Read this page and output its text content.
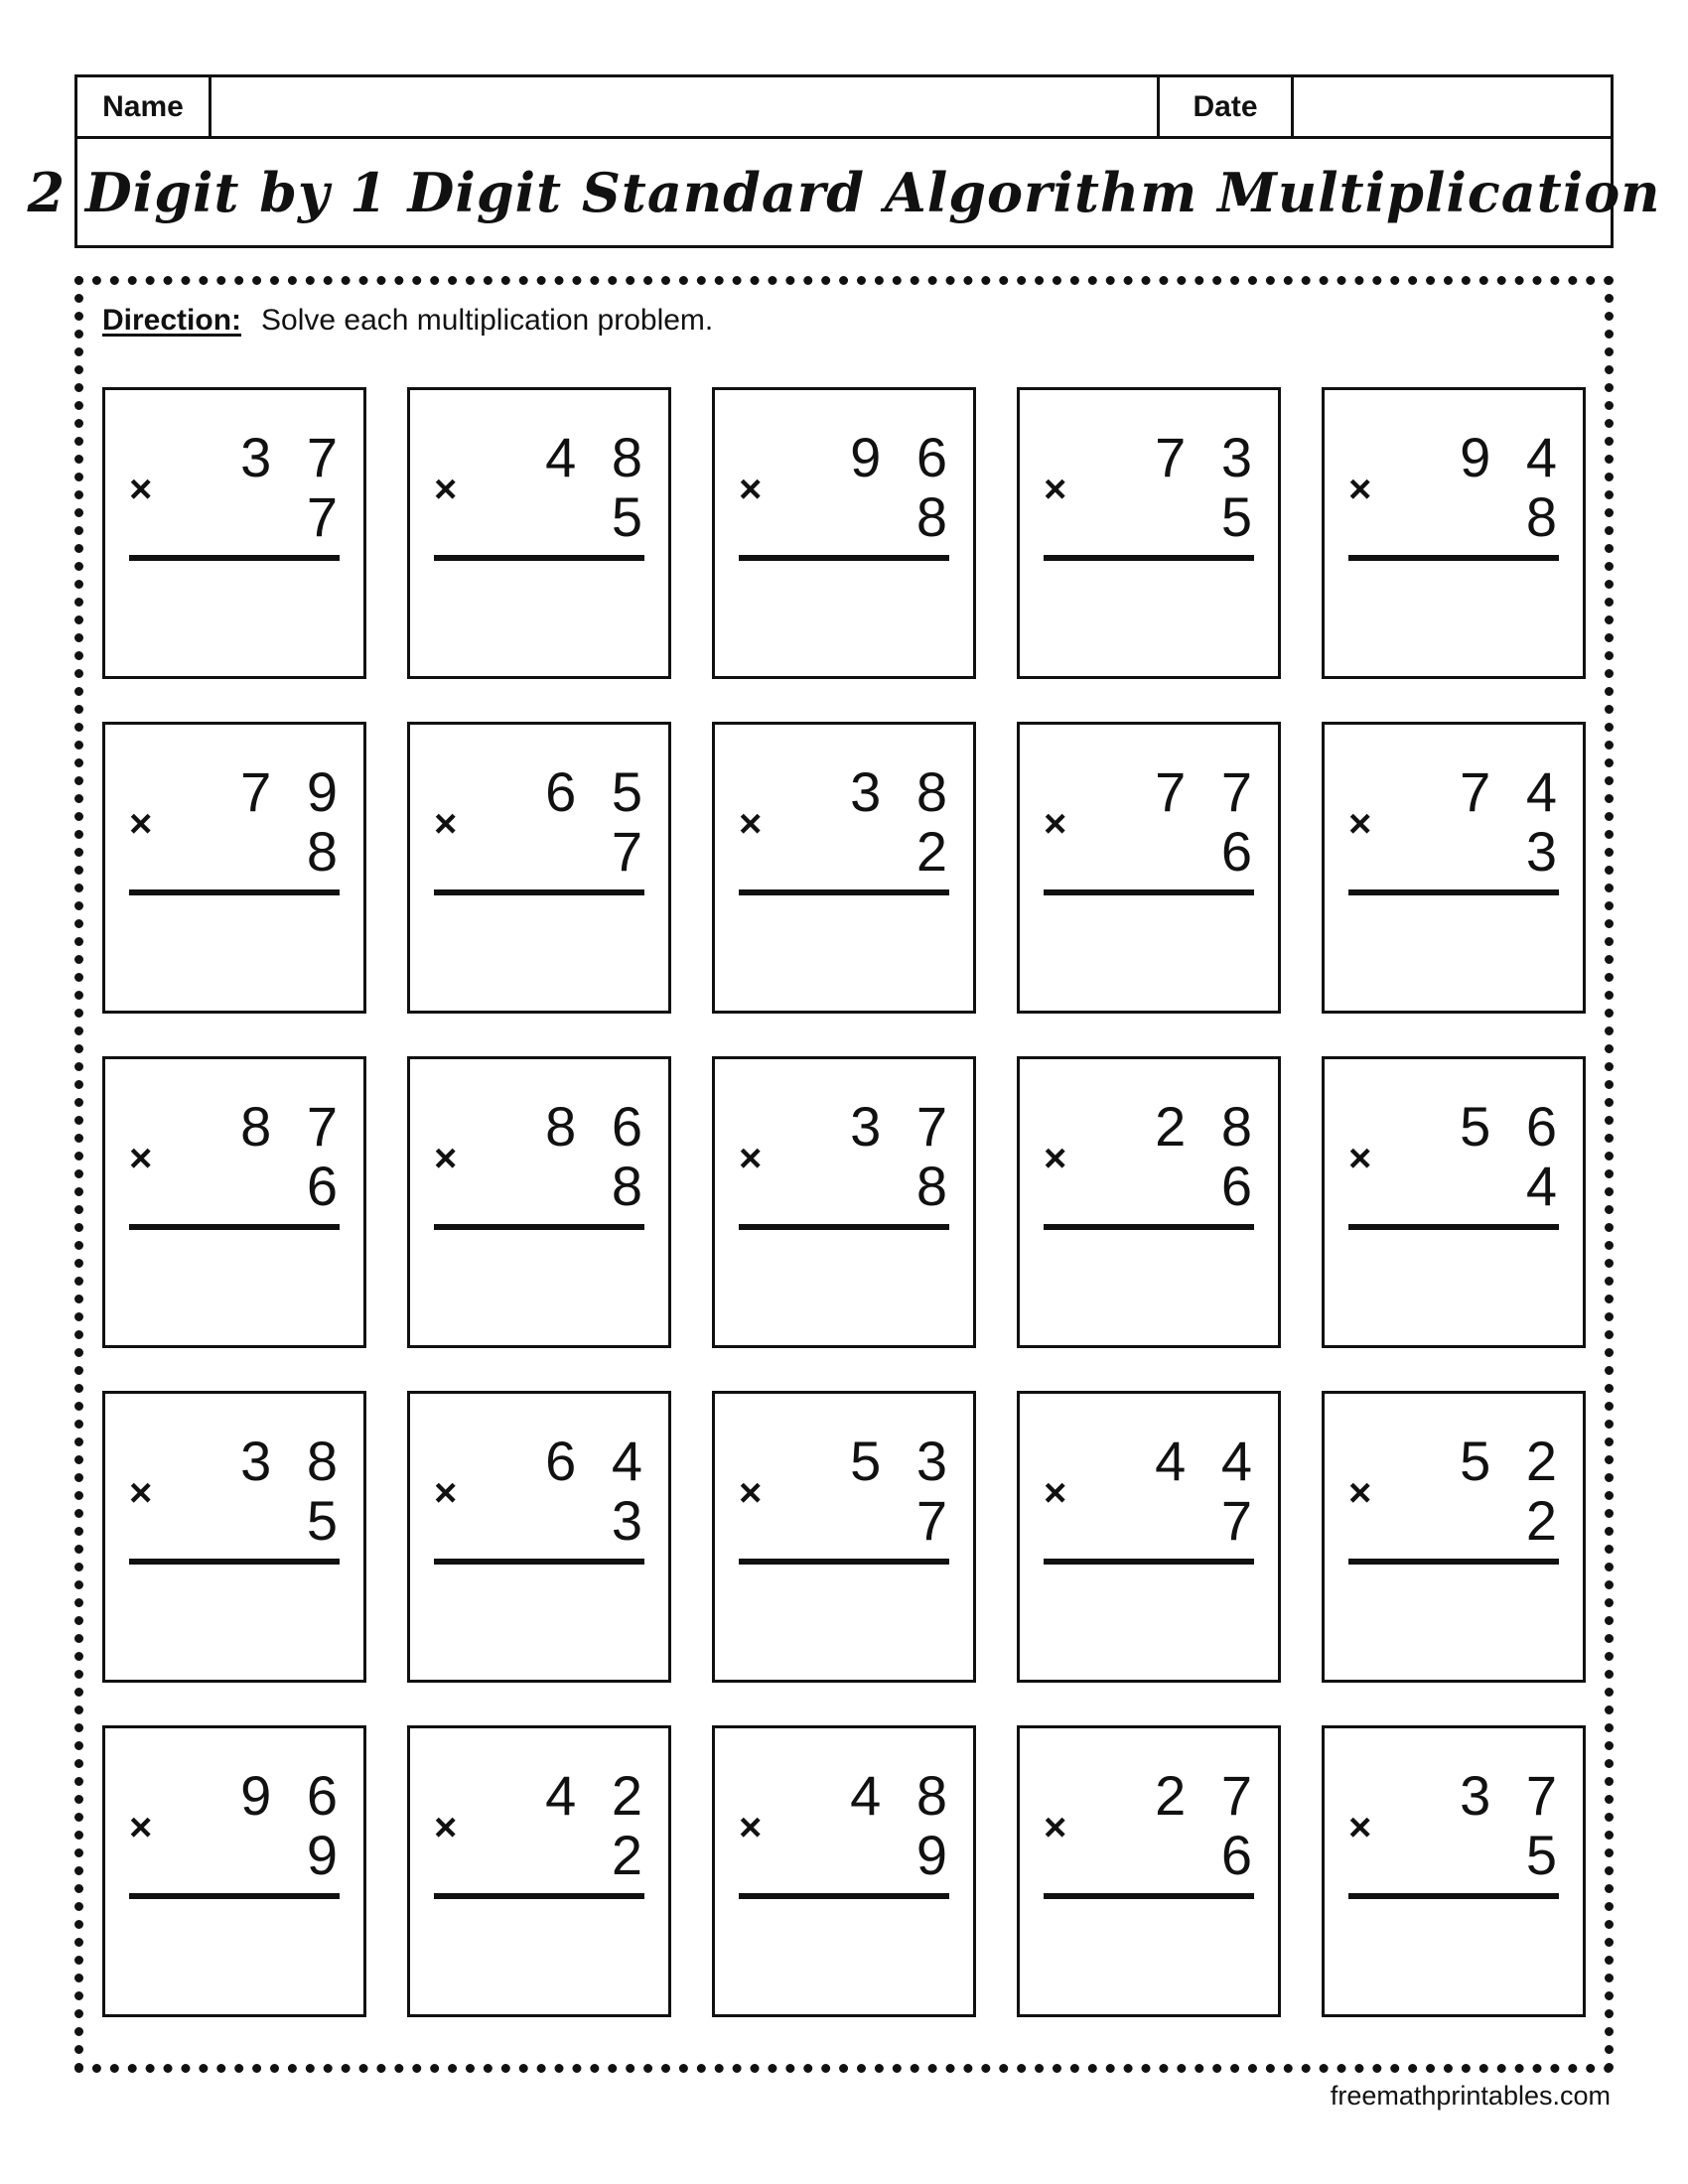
Name	Date
2 Digit by 1 Digit Standard Algorithm Multiplication
Direction: Solve each multiplication problem.
×
3 7
7 ×
4 8
5 ×
9 6
8 ×
7 3
5 ×
9 4
8
×
7 9
8 ×
6 5
7 ×
3 8
2 ×
7 7
6 ×
7 4
3
×
8 7
6 ×
8 6
8 ×
3 7
8 ×
2 8
6 ×
5 6
4
×
3 8
5 ×
6 4
3 ×
5 3
7 ×
4 4
7 ×
5 2
2
×
9 6
9 ×
4 2
2 ×
4 8
9 ×
2 7
6 ×
3 7
5
freemathprintables.com
